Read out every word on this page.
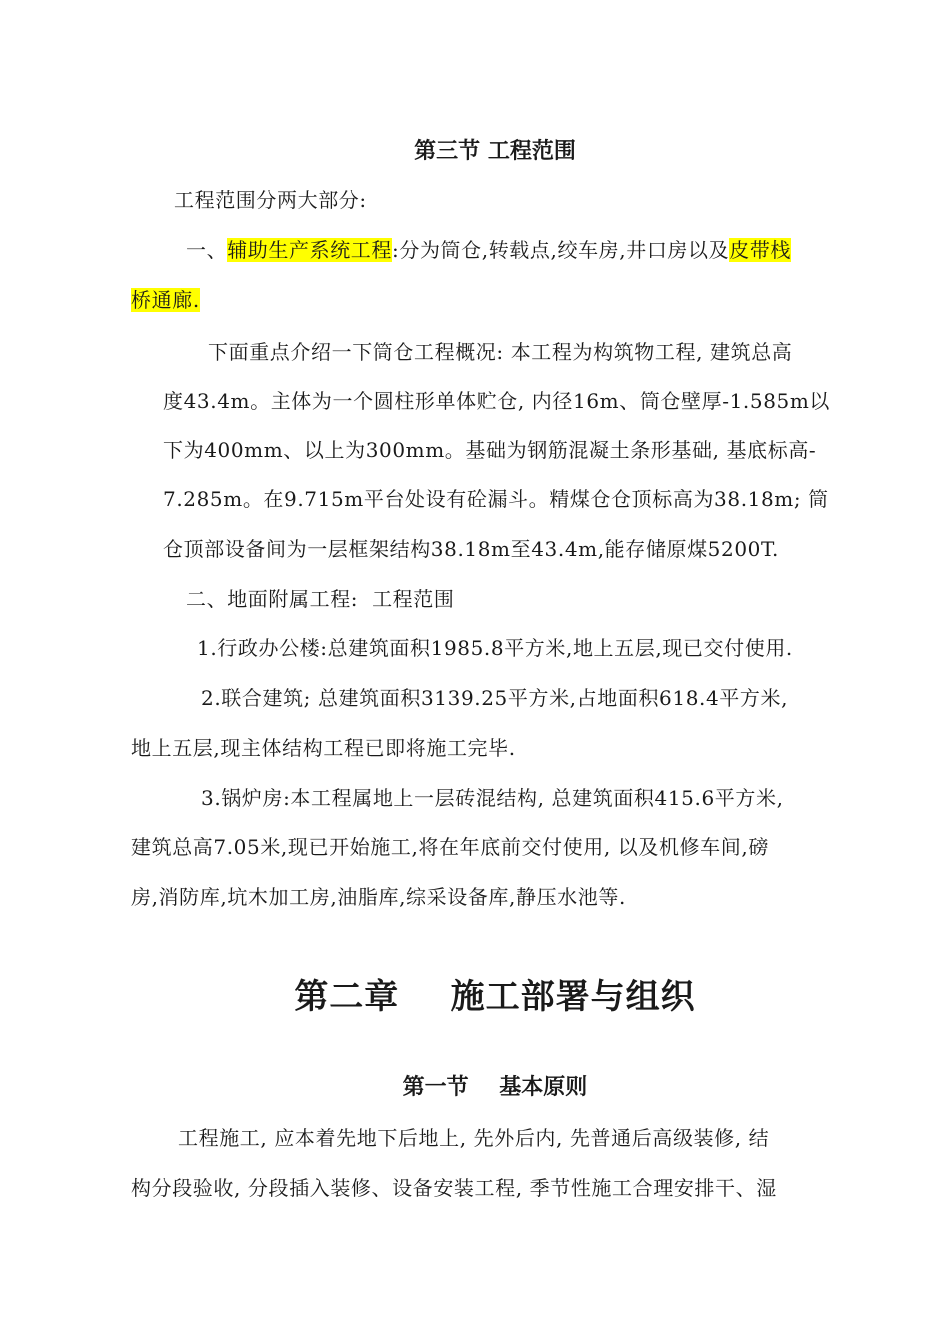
第三节 工程范围
工程范围分两大部分:
一、辅助生产系统工程:分为筒仓,转载点,绞车房,井口房以及皮带栈
桥通廊.
下面重点介绍一下筒仓工程概况: 本工程为构筑物工程, 建筑总高
度43.4m。主体为一个圆柱形单体贮仓, 内径16m、筒仓壁厚-1.585m以
下为400mm、以上为300mm。基础为钢筋混凝土条形基础, 基底标高-
7.285m。在9.715m平台处设有砼漏斗。精煤仓仓顶标高为38.18m; 筒
仓顶部设备间为一层框架结构38.18m至43.4m,能存储原煤5200T.
二、地面附属工程: 工程范围
1.行政办公楼:总建筑面积1985.8平方米,地上五层,现已交付使用.
2.联合建筑; 总建筑面积3139.25平方米,占地面积618.4平方米,
地上五层,现主体结构工程已即将施工完毕.
3.锅炉房:本工程属地上一层砖混结构, 总建筑面积415.6平方米,
建筑总高7.05米,现已开始施工,将在年底前交付使用, 以及机修车间,磅
房,消防库,坑木加工房,油脂库,综采设备库,静压水池等.
第二章    施工部署与组织
第一节    基本原则
工程施工, 应本着先地下后地上, 先外后内, 先普通后高级装修, 结
构分段验收, 分段插入装修、设备安装工程, 季节性施工合理安排干、湿
